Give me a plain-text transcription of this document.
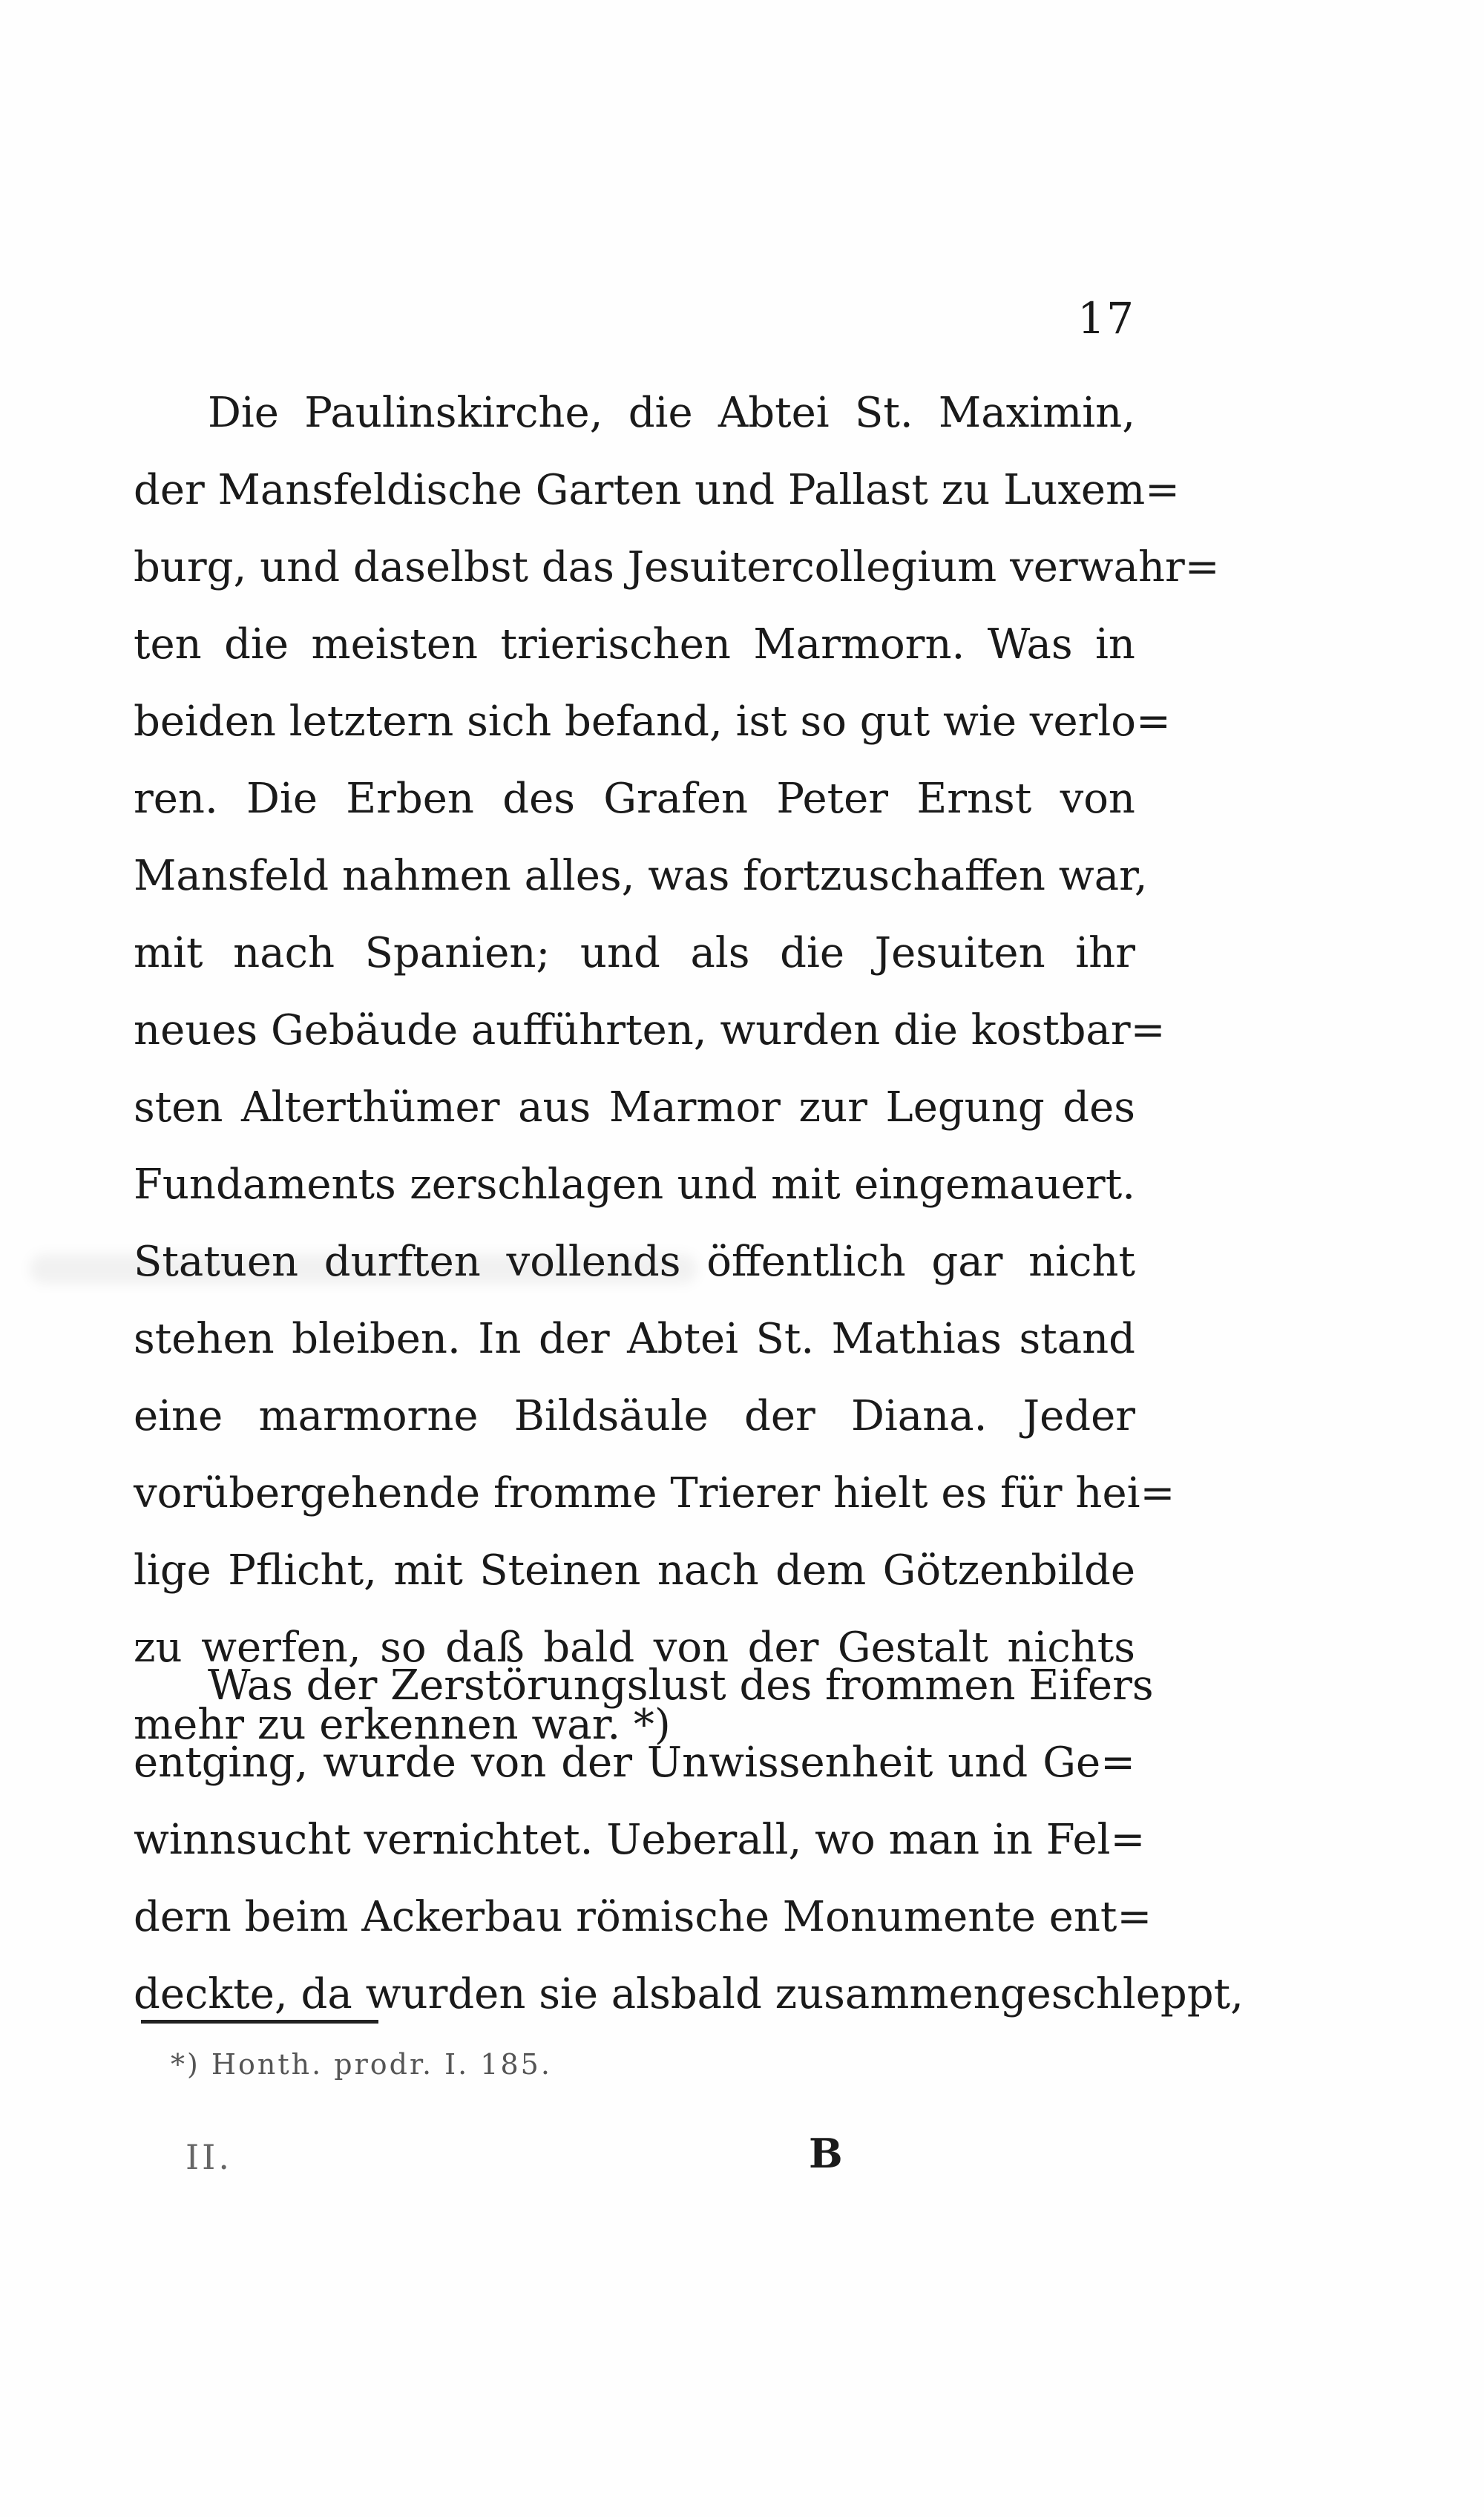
17
Die Paulinskirche, die Abtei St. Maximin,
der Mansfeldische Garten und Pallast zu Luxem=
burg, und daselbst das Jesuitercollegium verwahr=
ten die meisten trierischen Marmorn. Was in
beiden letztern sich befand, ist so gut wie verlo=
ren. Die Erben des Grafen Peter Ernst von
Mansfeld nahmen alles, was fortzuschaffen war,
mit nach Spanien; und als die Jesuiten ihr
neues Gebäude aufführten, wurden die kostbar=
sten Alterthümer aus Marmor zur Legung des
Fundaments zerschlagen und mit eingemauert.
Statuen durften vollends öffentlich gar nicht
stehen bleiben. In der Abtei St. Mathias stand
eine marmorne Bildsäule der Diana. Jeder
vorübergehende fromme Trierer hielt es für hei=
lige Pflicht, mit Steinen nach dem Götzenbilde
zu werfen, so daß bald von der Gestalt nichts
mehr zu erkennen war. *)
Was der Zerstörungslust des frommen Eifers
entging, wurde von der Unwissenheit und Ge=
winnsucht vernichtet. Ueberall, wo man in Fel=
dern beim Ackerbau römische Monumente ent=
deckte, da wurden sie alsbald zusammengeschleppt,
*) Honth. prodr. I. 185.
II.	B
